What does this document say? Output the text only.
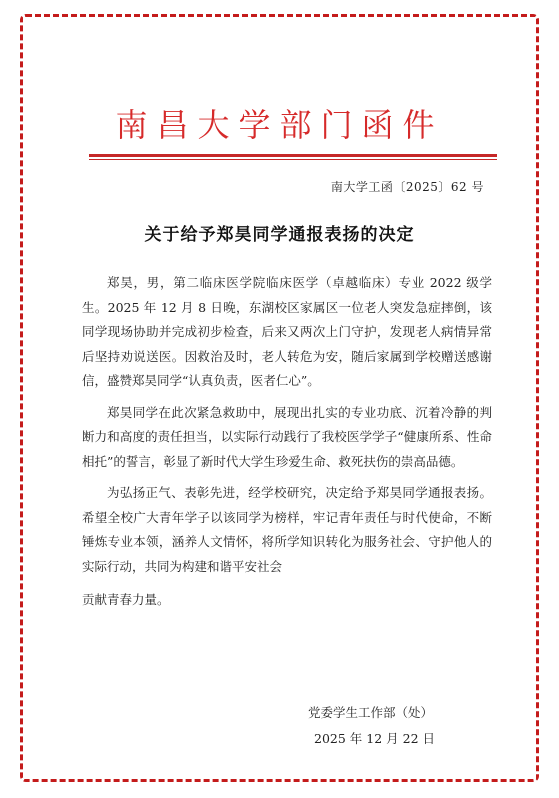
南昌大学部门函件
南大学工函〔2025〕62 号
关于给予郑昊同学通报表扬的决定

郑昊，男，第二临床医学院临床医学（卓越临床）专业 2022 级学生。2025 年 12 月 8 日晚，东湖校区家属区一位老人突发急症摔倒，该同学现场协助并完成初步检查，后来又两次上门守护，发现老人病情异常后坚持劝说送医。因救治及时，老人转危为安，随后家属到学校赠送感谢信，盛赞郑昊同学“认真负责，医者仁心”。

郑昊同学在此次紧急救助中，展现出扎实的专业功底、沉着冷静的判断力和高度的责任担当，以实际行动践行了我校医学学子“健康所系、性命相托”的誓言，彰显了新时代大学生珍爱生命、救死扶伤的崇高品德。

为弘扬正气、表彰先进，经学校研究，决定给予郑昊同学通报表扬。希望全校广大青年学子以该同学为榜样，牢记青年责任与时代使命，不断锤炼专业本领，涵养人文情怀，将所学知识转化为服务社会、守护他人的实际行动，共同为构建和谐平安社会

贡献青春力量。

党委学生工作部（处）
2025 年 12 月 22 日
